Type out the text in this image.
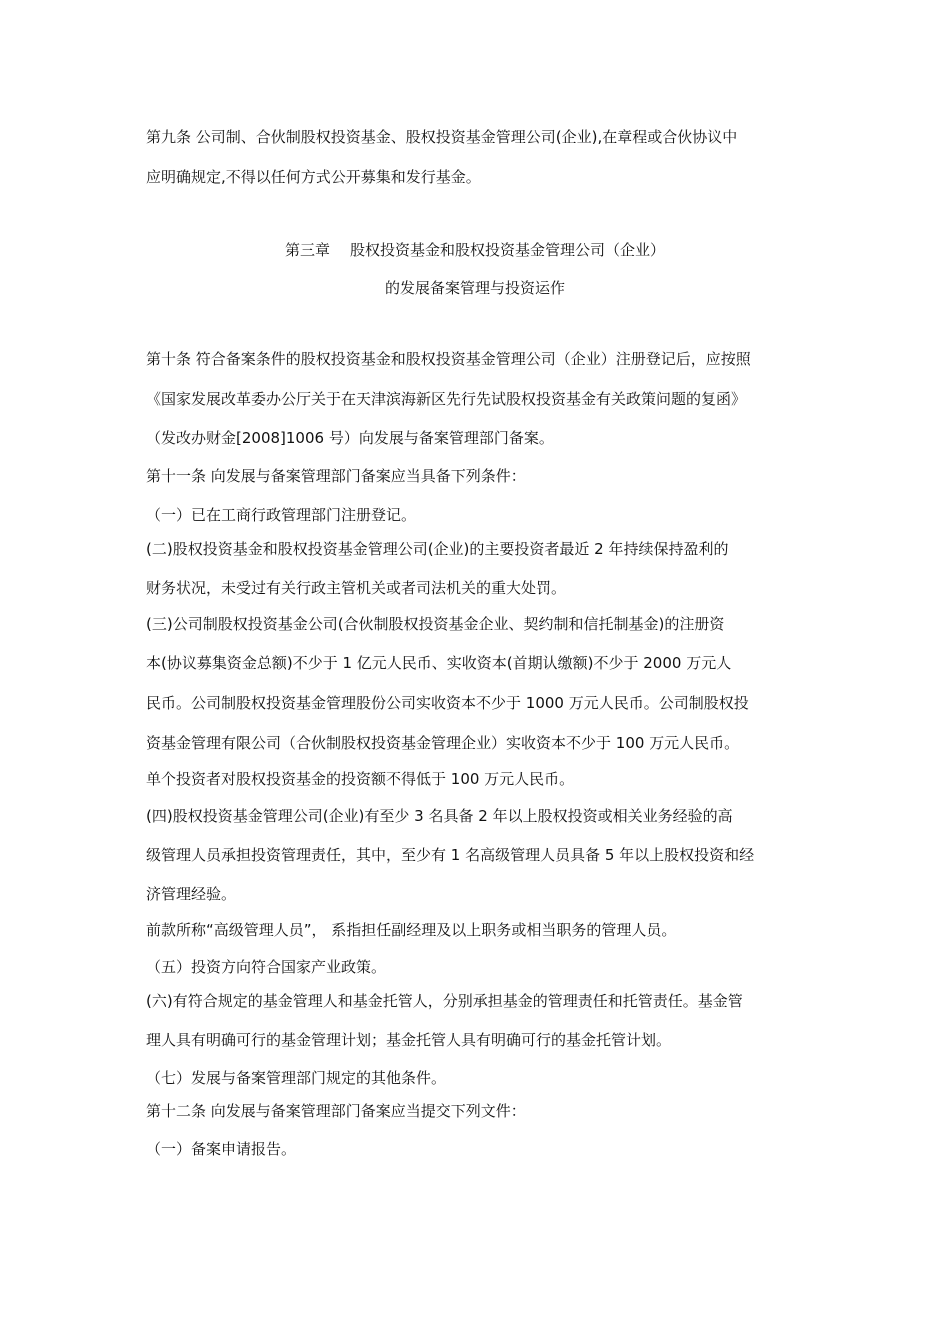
第九条 公司制、合伙制股权投资基金、股权投资基金管理公司(企业),在章程或合伙协议中
应明确规定,不得以任何方式公开募集和发行基金。
第三章 股权投资基金和股权投资基金管理公司（企业）
的发展备案管理与投资运作
第十条 符合备案条件的股权投资基金和股权投资基金管理公司（企业）注册登记后，应按照
《国家发展改革委办公厅关于在天津滨海新区先行先试股权投资基金有关政策问题的复函》
（发改办财金[2008]1006 号）向发展与备案管理部门备案。
第十一条 向发展与备案管理部门备案应当具备下列条件：
（一）已在工商行政管理部门注册登记。
(二)股权投资基金和股权投资基金管理公司(企业)的主要投资者最近 2 年持续保持盈利的
财务状况，未受过有关行政主管机关或者司法机关的重大处罚。
(三)公司制股权投资基金公司(合伙制股权投资基金企业、契约制和信托制基金)的注册资
本(协议募集资金总额)不少于 1 亿元人民币、实收资本(首期认缴额)不少于 2000 万元人
民币。公司制股权投资基金管理股份公司实收资本不少于 1000 万元人民币。公司制股权投
资基金管理有限公司（合伙制股权投资基金管理企业）实收资本不少于 100 万元人民币。
单个投资者对股权投资基金的投资额不得低于 100 万元人民币。
(四)股权投资基金管理公司(企业)有至少 3 名具备 2 年以上股权投资或相关业务经验的高
级管理人员承担投资管理责任，其中，至少有 1 名高级管理人员具备 5 年以上股权投资和经
济管理经验。
前款所称“高级管理人员”， 系指担任副经理及以上职务或相当职务的管理人员。
（五）投资方向符合国家产业政策。
(六)有符合规定的基金管理人和基金托管人，分别承担基金的管理责任和托管责任。基金管
理人具有明确可行的基金管理计划；基金托管人具有明确可行的基金托管计划。
（七）发展与备案管理部门规定的其他条件。
第十二条 向发展与备案管理部门备案应当提交下列文件：
（一）备案申请报告。
